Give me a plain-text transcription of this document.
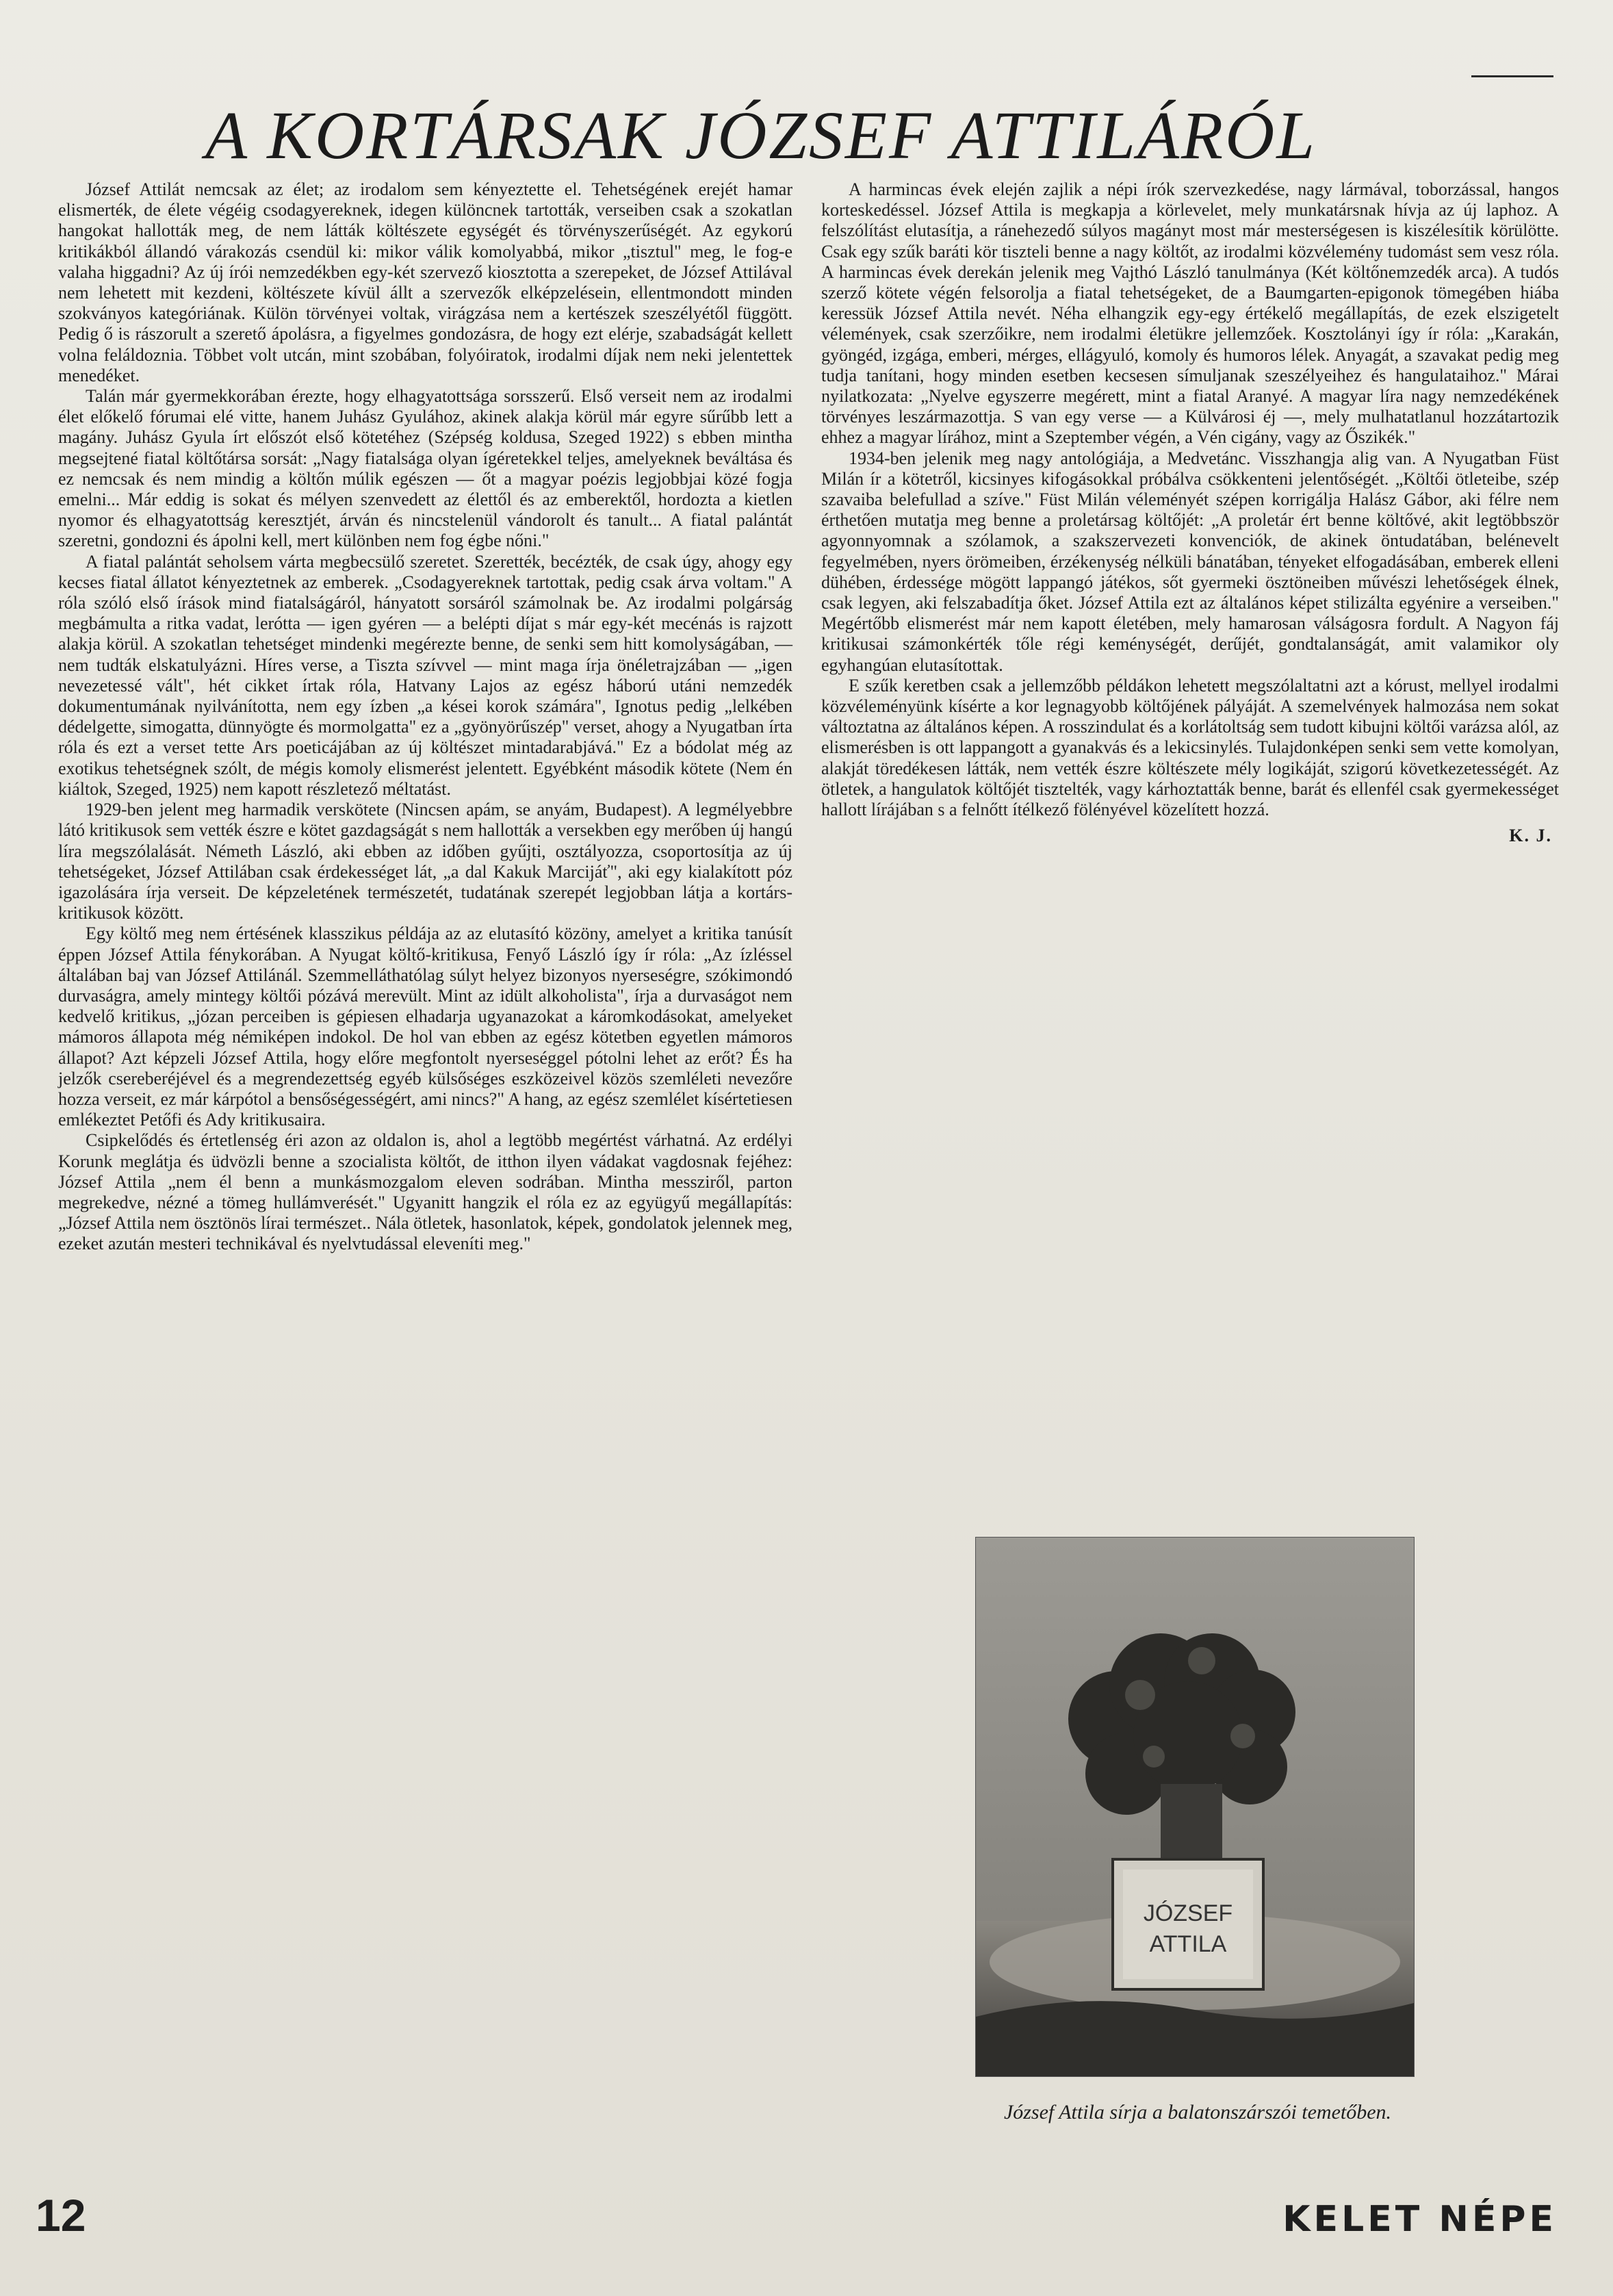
A KORTÁRSAK JÓZSEF ATTILÁRÓL

József Attilát nemcsak az élet; az irodalom sem kényeztette el. Tehetségének erejét hamar elismerték, de élete végéig csodagyereknek, idegen különcnek tartották, verseiben csak a szokatlan hangokat hallották meg, de nem látták költészete egységét és törvényszerűségét. Az egykorú kritikákból állandó várakozás csendül ki: mikor válik komolyabbá, mikor „tisztul" meg, le fog-e valaha higgadni? Az új írói nemzedékben egy-két szervező kiosztotta a szerepeket, de József Attilával nem lehetett mit kezdeni, költészete kívül állt a szervezők elképzelésein, ellentmondott minden szokványos kategóriának. Külön törvényei voltak, virágzása nem a kertészek szeszélyétől függött. Pedig ő is rászorult a szerető ápolásra, a figyelmes gondozásra, de hogy ezt elérje, szabadságát kellett volna feláldoznia. Többet volt utcán, mint szobában, folyóiratok, irodalmi díjak nem neki jelentettek menedéket.

Talán már gyermekkorában érezte, hogy elhagyatottsága sorsszerű. Első verseit nem az irodalmi élet előkelő fórumai elé vitte, hanem Juhász Gyulához, akinek alakja körül már egyre sűrűbb lett a magány. Juhász Gyula írt előszót első kötetéhez (Szépség koldusa, Szeged 1922) s ebben mintha megsejtené fiatal költőtársa sorsát: „Nagy fiatalsága olyan ígéretekkel teljes, amelyeknek beváltása és ez nemcsak és nem mindig a költőn múlik egészen — őt a magyar poézis legjobbjai közé fogja emelni... Már eddig is sokat és mélyen szenvedett az élettől és az emberektől, hordozta a kietlen nyomor és elhagyatottság keresztjét, árván és nincstelenül vándorolt és tanult... A fiatal palántát szeretni, gondozni és ápolni kell, mert különben nem fog égbe nőni."

A fiatal palántát seholsem várta megbecsülő szeretet. Szerették, becézték, de csak úgy, ahogy egy kecses fiatal állatot kényeztetnek az emberek. „Csodagyereknek tartottak, pedig csak árva voltam." A róla szóló első írások mind fiatalságáról, hányatott sorsáról számolnak be. Az irodalmi polgárság megbámulta a ritka vadat, lerótta — igen gyéren — a belépti díjat s már egy-két mecénás is rajzott alakja körül. A szokatlan tehetséget mindenki megérezte benne, de senki sem hitt komolyságában, — nem tudták elskatulyázni. Híres verse, a Tiszta szívvel — mint maga írja önéletrajzában — „igen nevezetessé vált", hét cikket írtak róla, Hatvany Lajos az egész háború utáni nemzedék dokumentumának nyilvánította, nem egy ízben „a kései korok számára", Ignotus pedig „lelkében dédelgette, simogatta, dünnyögte és mormolgatta" ez a „gyönyörűszép" verset, ahogy a Nyugatban írta róla és ezt a verset tette Ars poeticájában az új költészet mintadarabjává." Ez a bódolat még az exotikus tehetségnek szólt, de mégis komoly elismerést jelentett. Egyébként második kötete (Nem én kiáltok, Szeged, 1925) nem kapott részletező méltatást.

1929-ben jelent meg harmadik verskötete (Nincsen apám, se anyám, Budapest). A legmélyebbre látó kritikusok sem vették észre e kötet gazdagságát s nem hallották a versekben egy merőben új hangú líra megszólalását. Németh László, aki ebben az időben gyűjti, osztályozza, csoportosítja az új tehetségeket, József Attilában csak érdekességet lát, „a dal Kakuk Marcijáť", aki egy kialakított póz igazolására írja verseit. De képzeletének természetét, tudatának szerepét legjobban látja a kortárs-kritikusok között.

Egy költő meg nem értésének klasszikus példája az az elutasító közöny, amelyet a kritika tanúsít éppen József Attila fénykorában. A Nyugat költő-kritikusa, Fenyő László így ír róla: „Az ízléssel általában baj van József Attilánál. Szemmelláthatólag súlyt helyez bizonyos nyerseségre, szókimondó durvaságra, amely mintegy költői pózává merevült. Mint az idült alkoholista", írja a durvaságot nem kedvelő kritikus, „józan perceiben is gépiesen elhadarja ugyanazokat a káromkodásokat, amelyeket mámoros állapota még némiképen indokol. De hol van ebben az egész kötetben egyetlen mámoros állapot? Azt képzeli József Attila, hogy előre megfontolt nyerseséggel pótolni lehet az erőt? És ha jelzők csereberéjével és a megrendezettség egyéb külsőséges eszközeivel közös szemléleti nevezőre hozza verseit, ez már kárpótol a bensőségességért, ami nincs?" A hang, az egész szemlélet kísértetiesen emlékeztet Petőfi és Ady kritikusaira.

Csipkelődés és értetlenség éri azon az oldalon is, ahol a legtöbb megértést várhatná. Az erdélyi Korunk meglátja és üdvözli benne a szocialista költőt, de itthon ilyen vádakat vagdosnak fejéhez: József Attila „nem él benn a munkásmozgalom eleven sodrában. Mintha messziről, parton megrekedve, nézné a tömeg hullámverését." Ugyanitt hangzik el róla ez az együgyű megállapítás: „József Attila nem ösztönös lírai természet.. Nála ötletek, hasonlatok, képek, gondolatok jelennek meg, ezeket azután mesteri technikával és nyelvtudással eleveníti meg."

A harmincas évek elején zajlik a népi írók szervezkedése, nagy lármával, toborzással, hangos korteskedéssel. József Attila is megkapja a körlevelet, mely munkatársnak hívja az új laphoz. A felszólítást elutasítja, a ránehezedő súlyos magányt most már mesterségesen is kiszélesítik körülötte. Csak egy szűk baráti kör tiszteli benne a nagy költőt, az irodalmi közvélemény tudomást sem vesz róla. A harmincas évek derekán jelenik meg Vajthó László tanulmánya (Két költőnemzedék arca). A tudós szerző kötete végén felsorolja a fiatal tehetségeket, de a Baumgarten-epigonok tömegében hiába keressük József Attila nevét. Néha elhangzik egy-egy értékelő megállapítás, de ezek elszigetelt vélemények, csak szerzőikre, nem irodalmi életükre jellemzőek. Kosztolányi így ír róla: „Karakán, gyöngéd, izgága, emberi, mérges, ellágyuló, komoly és humoros lélek. Anyagát, a szavakat pedig meg tudja tanítani, hogy minden esetben kecsesen símuljanak szeszélyeihez és hangulataihoz." Márai nyilatkozata: „Nyelve egyszerre megérett, mint a fiatal Aranyé. A magyar líra nagy nemzedékének törvényes leszármazottja. S van egy verse — a Külvárosi éj —, mely mulhatatlanul hozzátartozik ehhez a magyar lírához, mint a Szeptember végén, a Vén cigány, vagy az Őszikék."

1934-ben jelenik meg nagy antológiája, a Medvetánc. Visszhangja alig van. A Nyugatban Füst Milán ír a kötetről, kicsinyes kifogásokkal próbálva csökkenteni jelentőségét. „Költői ötleteibe, szép szavaiba belefullad a szíve." Füst Milán véleményét szépen korrigálja Halász Gábor, aki félre nem érthetően mutatja meg benne a proletársag költőjét: „A proletár ért benne költővé, akit legtöbbször agyonnyomnak a szólamok, a szakszervezeti konvenciók, de akinek öntudatában, belénevelt fegyelmében, nyers örömeiben, érzékenység nélküli bánatában, tényeket elfogadásában, emberek elleni dühében, érdessége mögött lappangó játékos, sőt gyermeki ösztöneiben művészi lehetőségek élnek, csak legyen, aki felszabadítja őket. József Attila ezt az általános képet stilizálta egyénire a verseiben." Megértőbb elismerést már nem kapott életében, mely hamarosan válságosra fordult. A Nagyon fáj kritikusai számonkérték tőle régi keménységét, derűjét, gondtalanságát, amit valamikor oly egyhangúan elutasítottak.

E szűk keretben csak a jellemzőbb példákon lehetett megszólaltatni azt a kórust, mellyel irodalmi közvéleményünk kísérte a kor legnagyobb költőjének pályáját. A szemelvények halmozása nem sokat változtatna az általános képen. A rosszindulat és a korlátoltság sem tudott kibujni költői varázsa alól, az elismerésben is ott lappangott a gyanakvás és a lekicsinylés. Tulajdonképen senki sem vette komolyan, alakját töredékesen látták, nem vették észre költészete mély logikáját, szigorú következetességét. Az ötletek, a hangulatok költőjét tisztelték, vagy kárhoztatták benne, barát és ellenfél csak gyermekességet hallott lírájában s a felnőtt ítélkező fölényével közelített hozzá.

K. J.
JÓZSEF
ATTILA
József Attila sírja a balatonszárszói temetőben.
12	KELET NÉPE
